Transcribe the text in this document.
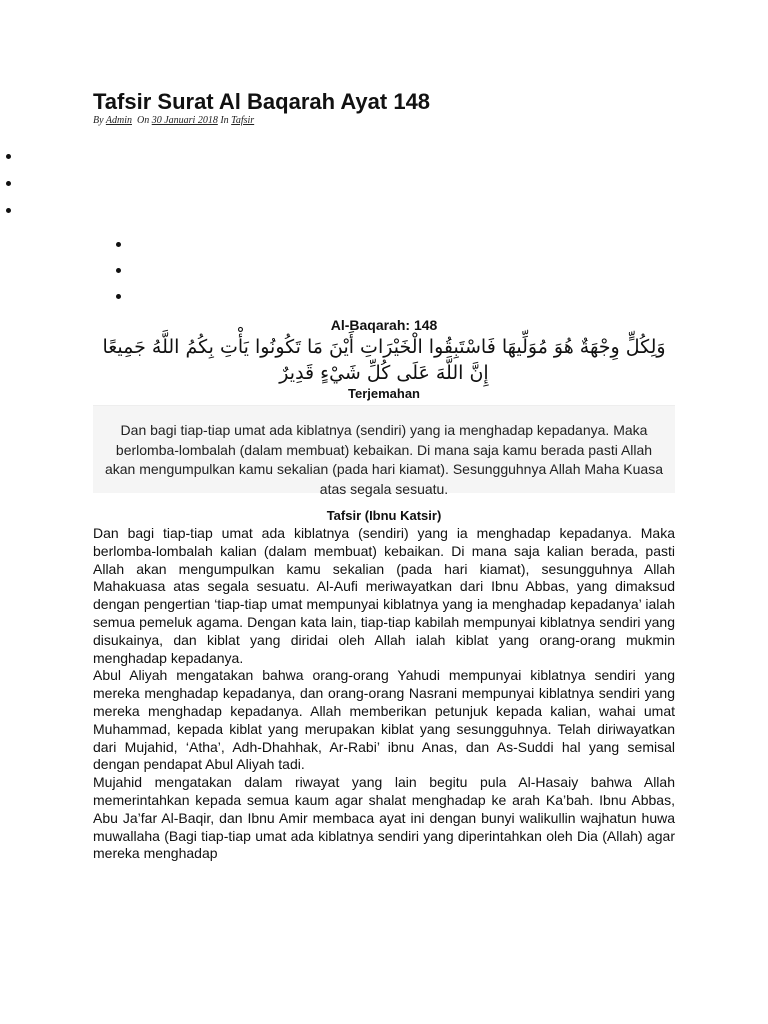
Tafsir Surat Al Baqarah Ayat 148
By Admin On 30 Januari 2018 In Tafsir
Al-Baqarah: 148
وَلِكُلٍّ وِجْهَةٌ هُوَ مُوَلِّيهَا فَاسْتَبِقُوا الْخَيْرَاتِ أَيْنَ مَا تَكُونُوا يَأْتِ بِكُمُ اللَّهُ جَمِيعًا إِنَّ اللَّهَ عَلَى كُلِّ شَيْءٍ قَدِيرٌ
Terjemahan
Dan bagi tiap-tiap umat ada kiblatnya (sendiri) yang ia menghadap kepadanya. Maka berlomba-lombalah (dalam membuat) kebaikan. Di mana saja kamu berada pasti Allah akan mengumpulkan kamu sekalian (pada hari kiamat). Sesungguhnya Allah Maha Kuasa atas segala sesuatu.
Tafsir (Ibnu Katsir)

Dan bagi tiap-tiap umat ada kiblatnya (sendiri) yang ia menghadap kepadanya. Maka berlomba-lombalah kalian (dalam membuat) kebaikan. Di mana saja kalian berada, pasti Allah akan mengumpulkan kamu sekalian (pada hari kiamat), sesungguhnya Allah Mahakuasa atas segala sesuatu. Al-Aufi meriwayatkan dari Ibnu Abbas, yang dimaksud dengan pengertian ‘tiap-tiap umat mempunyai kiblatnya yang ia menghadap kepadanya’ ialah semua pemeluk agama. Dengan kata lain, tiap-tiap kabilah mempunyai kiblatnya sendiri yang disukainya, dan kiblat yang diridai oleh Allah ialah kiblat yang orang-orang mukmin menghadap kepadanya.

Abul Aliyah mengatakan bahwa orang-orang Yahudi mempunyai kiblatnya sendiri yang mereka menghadap kepadanya, dan orang-orang Nasrani mempunyai kiblatnya sendiri yang mereka menghadap kepadanya. Allah memberikan petunjuk kepada kalian, wahai umat Muhammad, kepada kiblat yang merupakan kiblat yang sesungguhnya. Telah diriwayatkan dari Mujahid, ‘Atha’, Adh-Dhahhak, Ar-Rabi’ ibnu Anas, dan As-Suddi hal yang semisal dengan pendapat Abul Aliyah tadi.

Mujahid mengatakan dalam riwayat yang lain begitu pula Al-Hasaiy bahwa Allah memerintahkan kepada semua kaum agar shalat menghadap ke arah Ka’bah. Ibnu Abbas, Abu Ja’far Al-Baqir, dan Ibnu Amir membaca ayat ini dengan bunyi walikullin wajhatun huwa muwallaha (Bagi tiap-tiap umat ada kiblatnya sendiri yang diperintahkan oleh Dia (Allah) agar mereka menghadap
